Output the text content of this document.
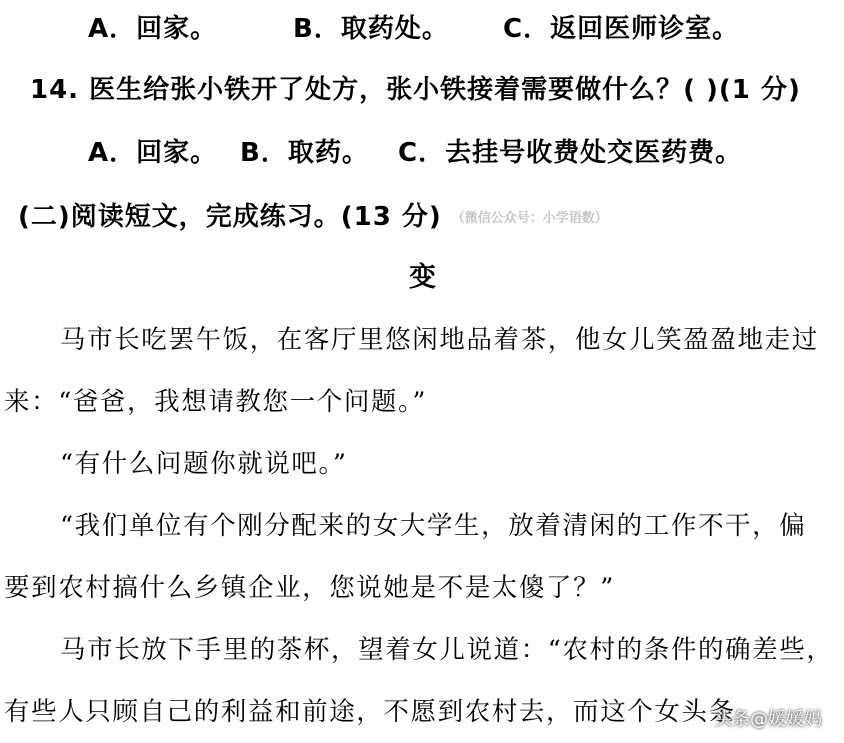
A．回家。	B．取药处。 C．返回医师诊室。
14. 医生给张小铁开了处方，张小铁接着需要做什么？( )(1 分)
A．回家。 B．取药。 C．去挂号收费处交医药费。
(二)阅读短文，完成练习。(13 分) （微信公众号：小学语数）
变
马市长吃罢午饭，在客厅里悠闲地品着茶，他女儿笑盈盈地走过
来：“爸爸，我想请教您一个问题。”
“有什么问题你就说吧。”
“我们单位有个刚分配来的女大学生，放着清闲的工作不干，偏
要到农村搞什么乡镇企业，您说她是不是太傻了？”
马市长放下手里的茶杯，望着女儿说道：“农村的条件的确差些，
有些人只顾自己的利益和前途，不愿到农村去，而这个女头条
头条@媛媛妈
